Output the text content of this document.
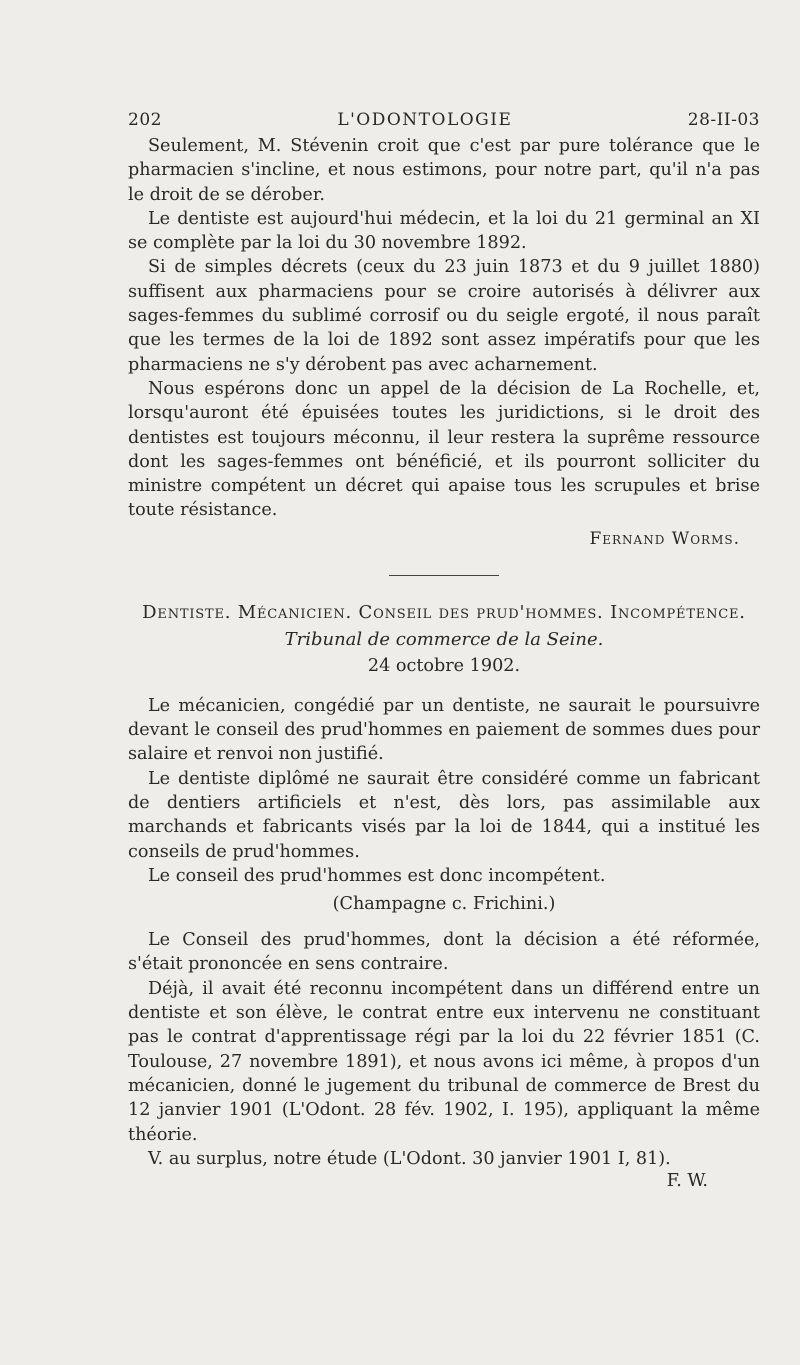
202	L'ODONTOLOGIE	28-II-03

Seulement, M. Stévenin croit que c'est par pure tolérance que le pharmacien s'incline, et nous estimons, pour notre part, qu'il n'a pas le droit de se dérober.

Le dentiste est aujourd'hui médecin, et la loi du 21 germinal an XI se complète par la loi du 30 novembre 1892.

Si de simples décrets (ceux du 23 juin 1873 et du 9 juillet 1880) suffisent aux pharmaciens pour se croire autorisés à délivrer aux sages-femmes du sublimé corrosif ou du seigle ergoté, il nous paraît que les termes de la loi de 1892 sont assez impératifs pour que les pharmaciens ne s'y dérobent pas avec acharnement.

Nous espérons donc un appel de la décision de La Rochelle, et, lorsqu'auront été épuisées toutes les juridictions, si le droit des dentistes est toujours méconnu, il leur restera la suprême ressource dont les sages-femmes ont bénéficié, et ils pourront solliciter du ministre compétent un décret qui apaise tous les scrupules et brise toute résistance.

Fernand Worms.
Dentiste. Mécanicien. Conseil des prud'hommes. Incompétence.
Tribunal de commerce de la Seine.
24 octobre 1902.

Le mécanicien, congédié par un dentiste, ne saurait le poursuivre devant le conseil des prud'hommes en paiement de sommes dues pour salaire et renvoi non justifié.

Le dentiste diplômé ne saurait être considéré comme un fabricant de dentiers artificiels et n'est, dès lors, pas assimilable aux marchands et fabricants visés par la loi de 1844, qui a institué les conseils de prud'hommes.

Le conseil des prud'hommes est donc incompétent.

(Champagne c. Frichini.)

Le Conseil des prud'hommes, dont la décision a été réformée, s'était prononcée en sens contraire.

Déjà, il avait été reconnu incompétent dans un différend entre un dentiste et son élève, le contrat entre eux intervenu ne constituant pas le contrat d'apprentissage régi par la loi du 22 février 1851 (C. Toulouse, 27 novembre 1891), et nous avons ici même, à propos d'un mécanicien, donné le jugement du tribunal de commerce de Brest du 12 janvier 1901 (L'Odont. 28 fév. 1902, I. 195), appliquant la même théorie.

V. au surplus, notre étude (L'Odont. 30 janvier 1901 I, 81).

F. W.
